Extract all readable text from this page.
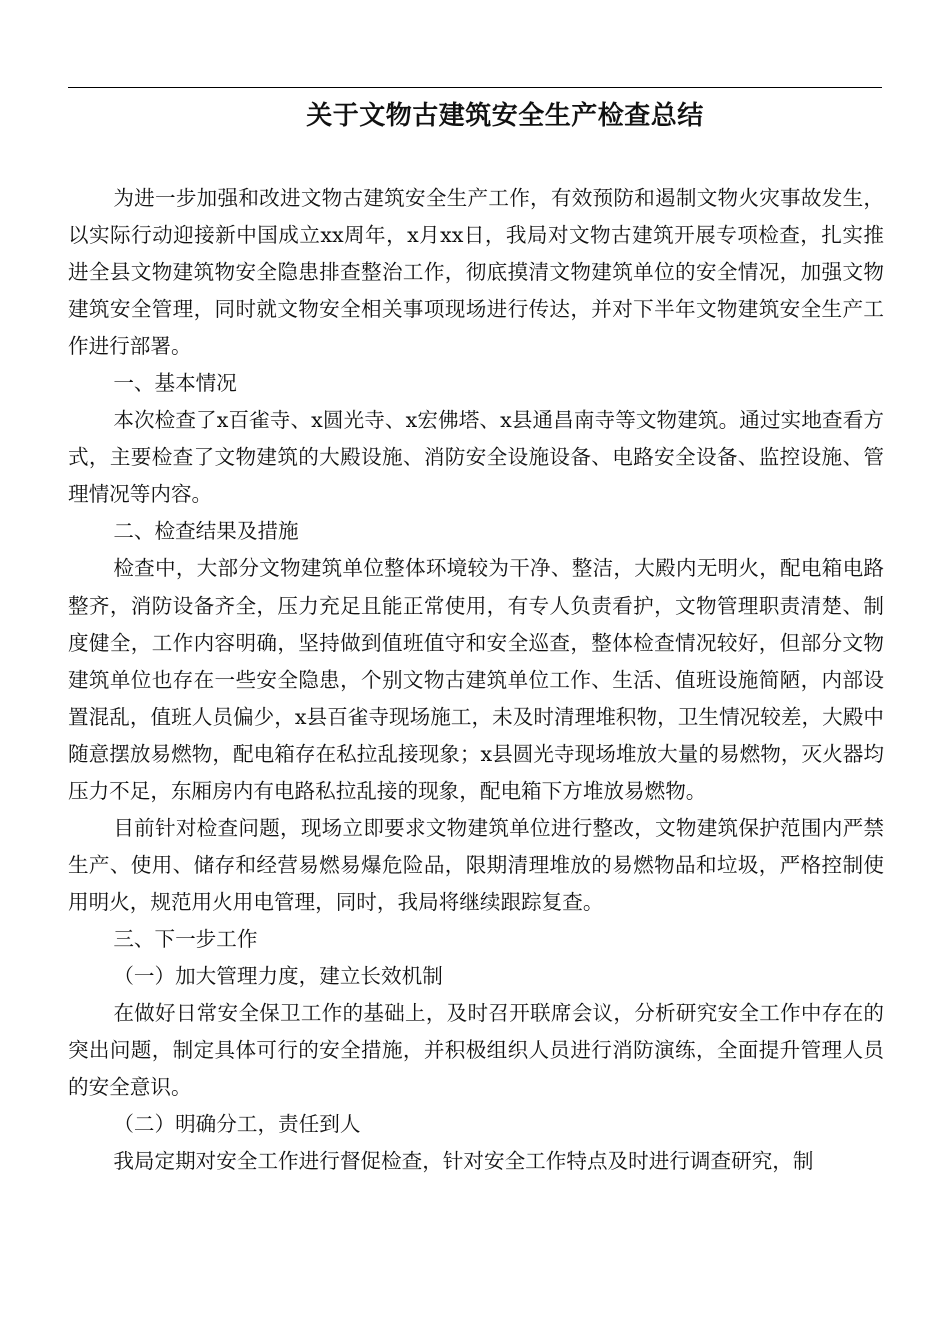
关于文物古建筑安全生产检查总结

为进一步加强和改进文物古建筑安全生产工作，有效预防和遏制文物火灾事故发生，以实际行动迎接新中国成立xx周年，x月xx日，我局对文物古建筑开展专项检查，扎实推进全县文物建筑物安全隐患排查整治工作，彻底摸清文物建筑单位的安全情况，加强文物建筑安全管理，同时就文物安全相关事项现场进行传达，并对下半年文物建筑安全生产工作进行部署。

一、基本情况

本次检查了x百雀寺、x圆光寺、x宏佛塔、x县通昌南寺等文物建筑。通过实地查看方式，主要检查了文物建筑的大殿设施、消防安全设施设备、电路安全设备、监控设施、管理情况等内容。

二、检查结果及措施

检查中，大部分文物建筑单位整体环境较为干净、整洁，大殿内无明火，配电箱电路整齐，消防设备齐全，压力充足且能正常使用，有专人负责看护，文物管理职责清楚、制度健全，工作内容明确，坚持做到值班值守和安全巡查，整体检查情况较好，但部分文物建筑单位也存在一些安全隐患，个别文物古建筑单位工作、生活、值班设施简陋，内部设置混乱，值班人员偏少，x县百雀寺现场施工，未及时清理堆积物，卫生情况较差，大殿中随意摆放易燃物，配电箱存在私拉乱接现象；x县圆光寺现场堆放大量的易燃物，灭火器均压力不足，东厢房内有电路私拉乱接的现象，配电箱下方堆放易燃物。

目前针对检查问题，现场立即要求文物建筑单位进行整改，文物建筑保护范围内严禁生产、使用、储存和经营易燃易爆危险品，限期清理堆放的易燃物品和垃圾，严格控制使用明火，规范用火用电管理，同时，我局将继续跟踪复查。

三、下一步工作

（一）加大管理力度，建立长效机制

在做好日常安全保卫工作的基础上，及时召开联席会议，分析研究安全工作中存在的突出问题，制定具体可行的安全措施，并积极组织人员进行消防演练，全面提升管理人员的安全意识。

（二）明确分工，责任到人

我局定期对安全工作进行督促检查，针对安全工作特点及时进行调查研究，制
